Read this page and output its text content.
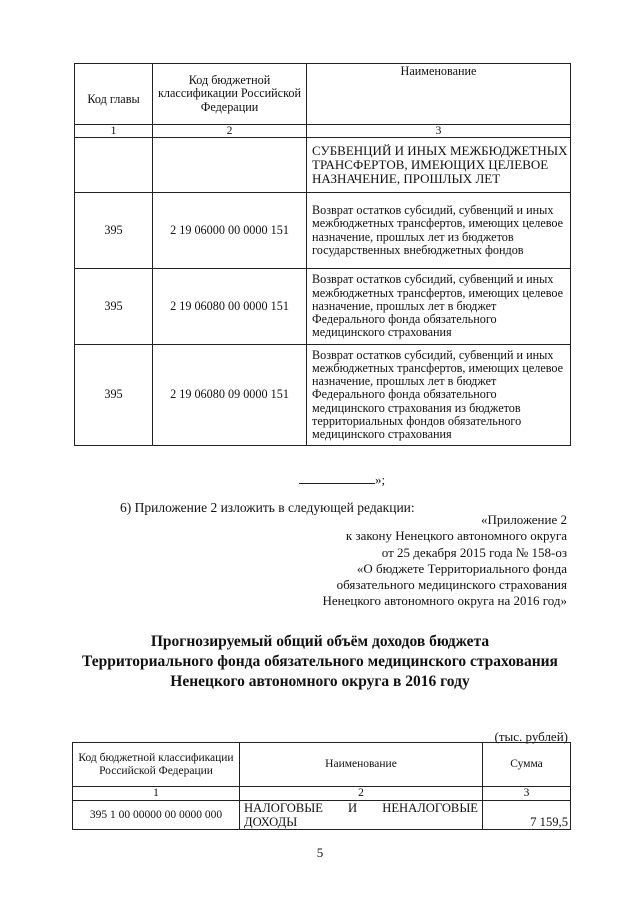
Код главы	Код бюджетной классификации Российской Федерации	Наименование
1	2	3
		СУБВЕНЦИЙ И ИНЫХ МЕЖБЮДЖЕТНЫХ ТРАНСФЕРТОВ, ИМЕЮЩИХ ЦЕЛЕВОЕ НАЗНАЧЕНИЕ, ПРОШЛЫХ ЛЕТ
395	2 19 06000 00 0000 151	Возврат остатков субсидий, субвенций и иных межбюджетных трансфертов, имеющих целевое назначение, прошлых лет из бюджетов государственных внебюджетных фондов
395	2 19 06080 00 0000 151	Возврат остатков субсидий, субвенций и иных межбюджетных трансфертов, имеющих целевое назначение, прошлых лет в бюджет Федерального фонда обязательного медицинского страхования
395	2 19 06080 09 0000 151	Возврат остатков субсидий, субвенций и иных межбюджетных трансфертов, имеющих целевое назначение, прошлых лет в бюджет Федерального фонда обязательного медицинского страхования из бюджетов территориальных фондов обязательного медицинского страхования
»;
6) Приложение 2 изложить в следующей редакции:
«Приложение 2
к закону Ненецкого автономного округа
от 25 декабря 2015 года № 158-оз
«О бюджете Территориального фонда
обязательного медицинского страхования
Ненецкого автономного округа на 2016 год»
Прогнозируемый общий объём доходов бюджета
Территориального фонда обязательного медицинского страхования
Ненецкого автономного округа в 2016 году
(тыс. рублей)
Код бюджетной классификации Российской Федерации	Наименование	Сумма
1	2	3
395 1 00 00000 00 0000 000	НАЛОГОВЫЕ И НЕНАЛОГОВЫЕ ДОХОДЫ	7 159,5
5
